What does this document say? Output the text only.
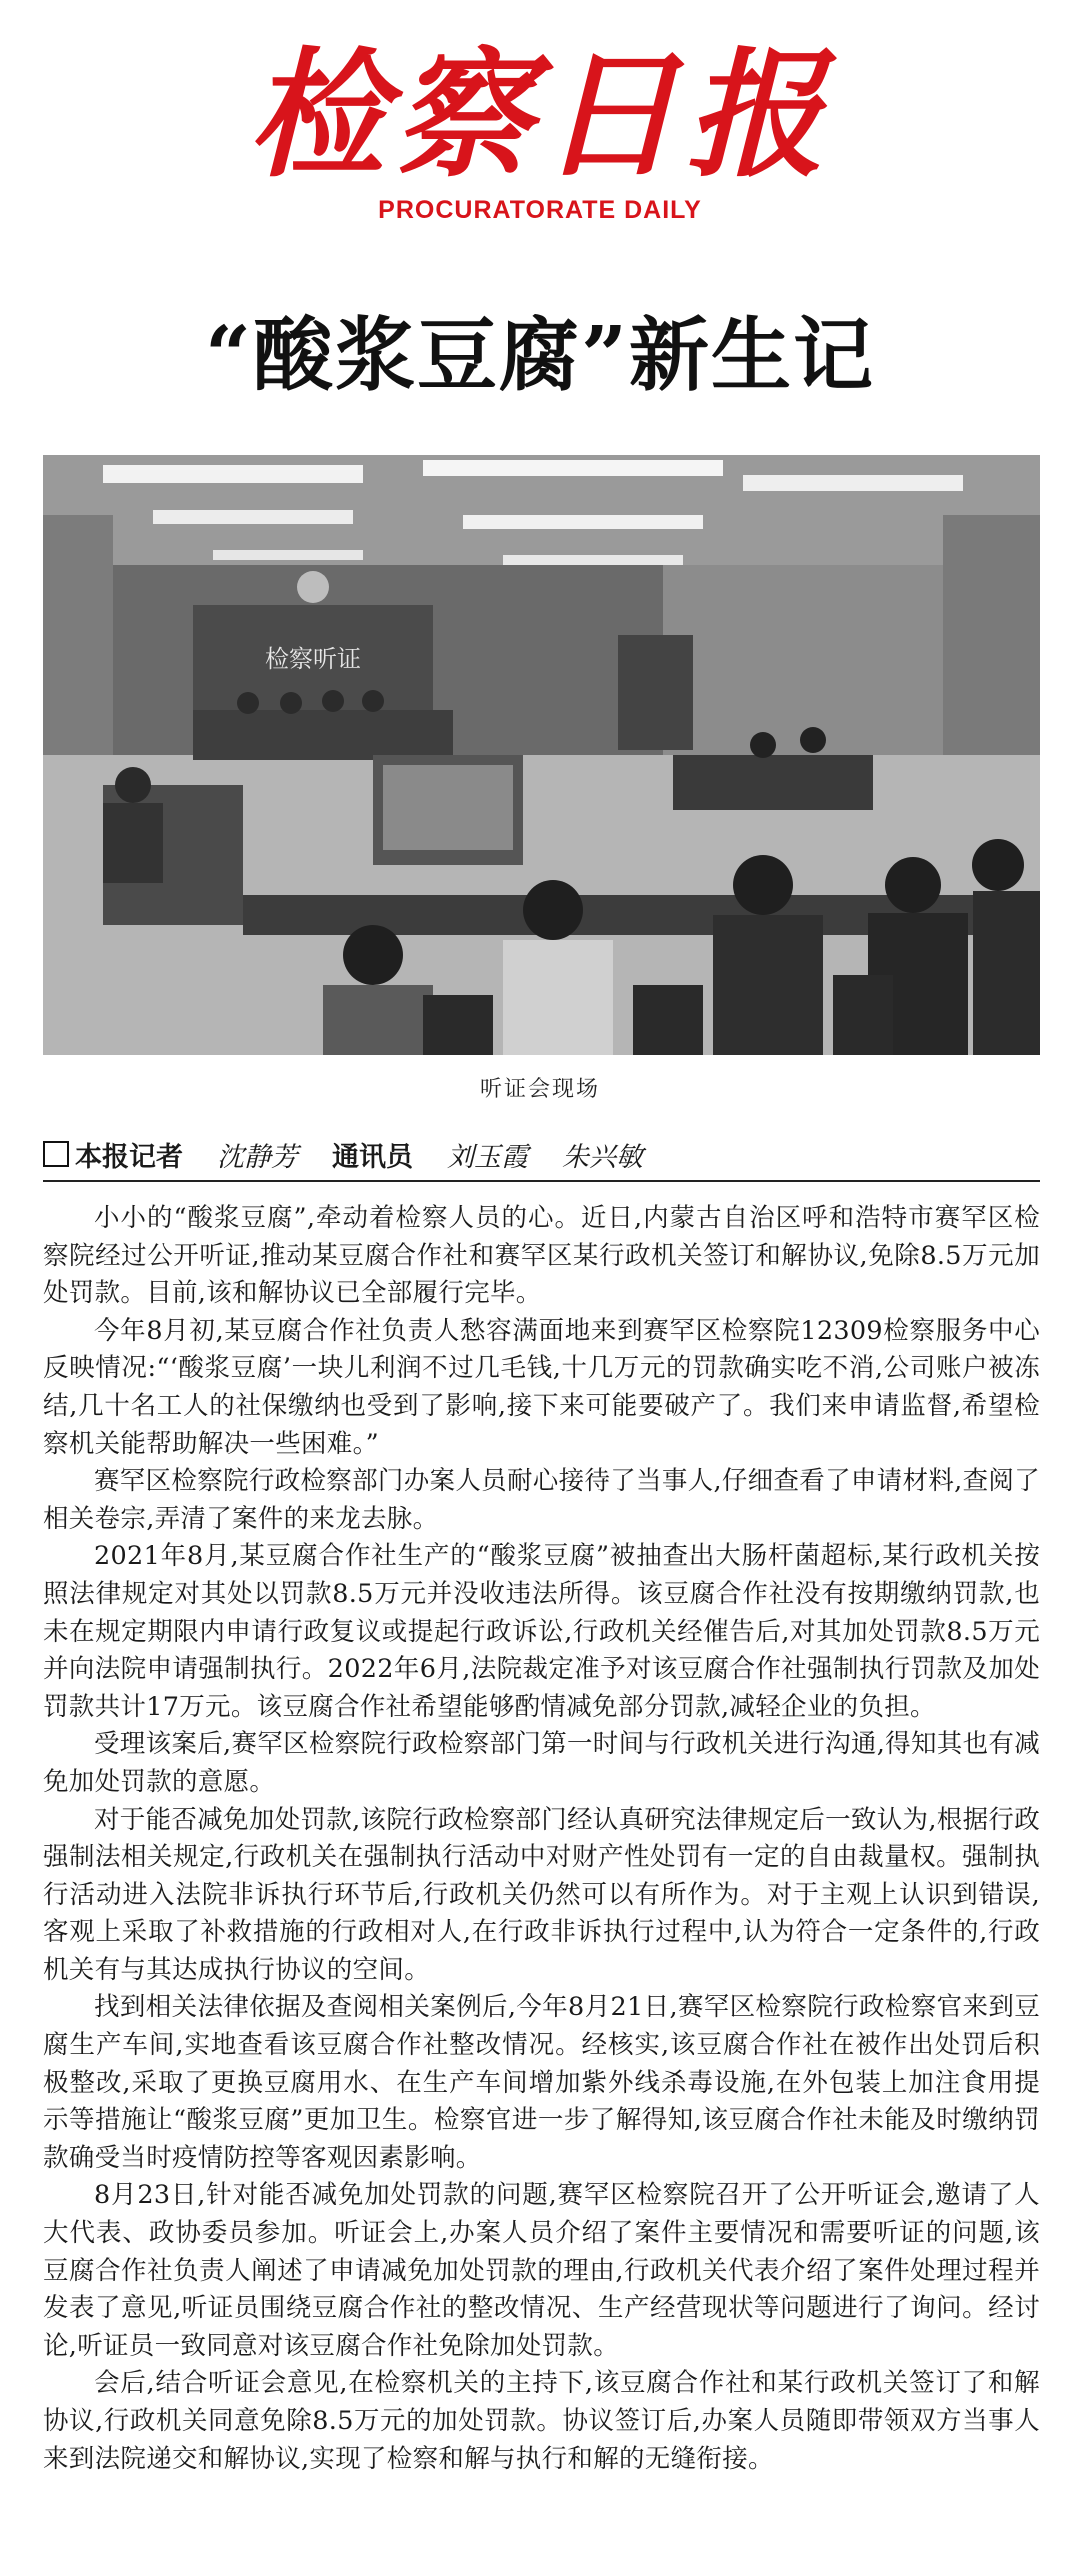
检察日报
PROCURATORATE DAILY
“酸浆豆腐”新生记
检察听证
听证会现场
本报记者 沈静芳 通讯员 刘玉霞 朱兴敏

小小的“酸浆豆腐”,牵动着检察人员的心。近日,内蒙古自治区呼和浩特市赛罕区检察院经过公开听证,推动某豆腐合作社和赛罕区某行政机关签订和解协议,免除8.5万元加处罚款。目前,该和解协议已全部履行完毕。

今年8月初,某豆腐合作社负责人愁容满面地来到赛罕区检察院12309检察服务中心反映情况:“‘酸浆豆腐’一块儿利润不过几毛钱,十几万元的罚款确实吃不消,公司账户被冻结,几十名工人的社保缴纳也受到了影响,接下来可能要破产了。我们来申请监督,希望检察机关能帮助解决一些困难。”

赛罕区检察院行政检察部门办案人员耐心接待了当事人,仔细查看了申请材料,查阅了相关卷宗,弄清了案件的来龙去脉。

2021年8月,某豆腐合作社生产的“酸浆豆腐”被抽查出大肠杆菌超标,某行政机关按照法律规定对其处以罚款8.5万元并没收违法所得。该豆腐合作社没有按期缴纳罚款,也未在规定期限内申请行政复议或提起行政诉讼,行政机关经催告后,对其加处罚款8.5万元并向法院申请强制执行。2022年6月,法院裁定准予对该豆腐合作社强制执行罚款及加处罚款共计17万元。该豆腐合作社希望能够酌情减免部分罚款,减轻企业的负担。

受理该案后,赛罕区检察院行政检察部门第一时间与行政机关进行沟通,得知其也有减免加处罚款的意愿。

对于能否减免加处罚款,该院行政检察部门经认真研究法律规定后一致认为,根据行政强制法相关规定,行政机关在强制执行活动中对财产性处罚有一定的自由裁量权。强制执行活动进入法院非诉执行环节后,行政机关仍然可以有所作为。对于主观上认识到错误,客观上采取了补救措施的行政相对人,在行政非诉执行过程中,认为符合一定条件的,行政机关有与其达成执行协议的空间。

找到相关法律依据及查阅相关案例后,今年8月21日,赛罕区检察院行政检察官来到豆腐生产车间,实地查看该豆腐合作社整改情况。经核实,该豆腐合作社在被作出处罚后积极整改,采取了更换豆腐用水、在生产车间增加紫外线杀毒设施,在外包装上加注食用提示等措施让“酸浆豆腐”更加卫生。检察官进一步了解得知,该豆腐合作社未能及时缴纳罚款确受当时疫情防控等客观因素影响。

8月23日,针对能否减免加处罚款的问题,赛罕区检察院召开了公开听证会,邀请了人大代表、政协委员参加。听证会上,办案人员介绍了案件主要情况和需要听证的问题,该豆腐合作社负责人阐述了申请减免加处罚款的理由,行政机关代表介绍了案件处理过程并发表了意见,听证员围绕豆腐合作社的整改情况、生产经营现状等问题进行了询问。经讨论,听证员一致同意对该豆腐合作社免除加处罚款。

会后,结合听证会意见,在检察机关的主持下,该豆腐合作社和某行政机关签订了和解协议,行政机关同意免除8.5万元的加处罚款。协议签订后,办案人员随即带领双方当事人来到法院递交和解协议,实现了检察和解与执行和解的无缝衔接。
